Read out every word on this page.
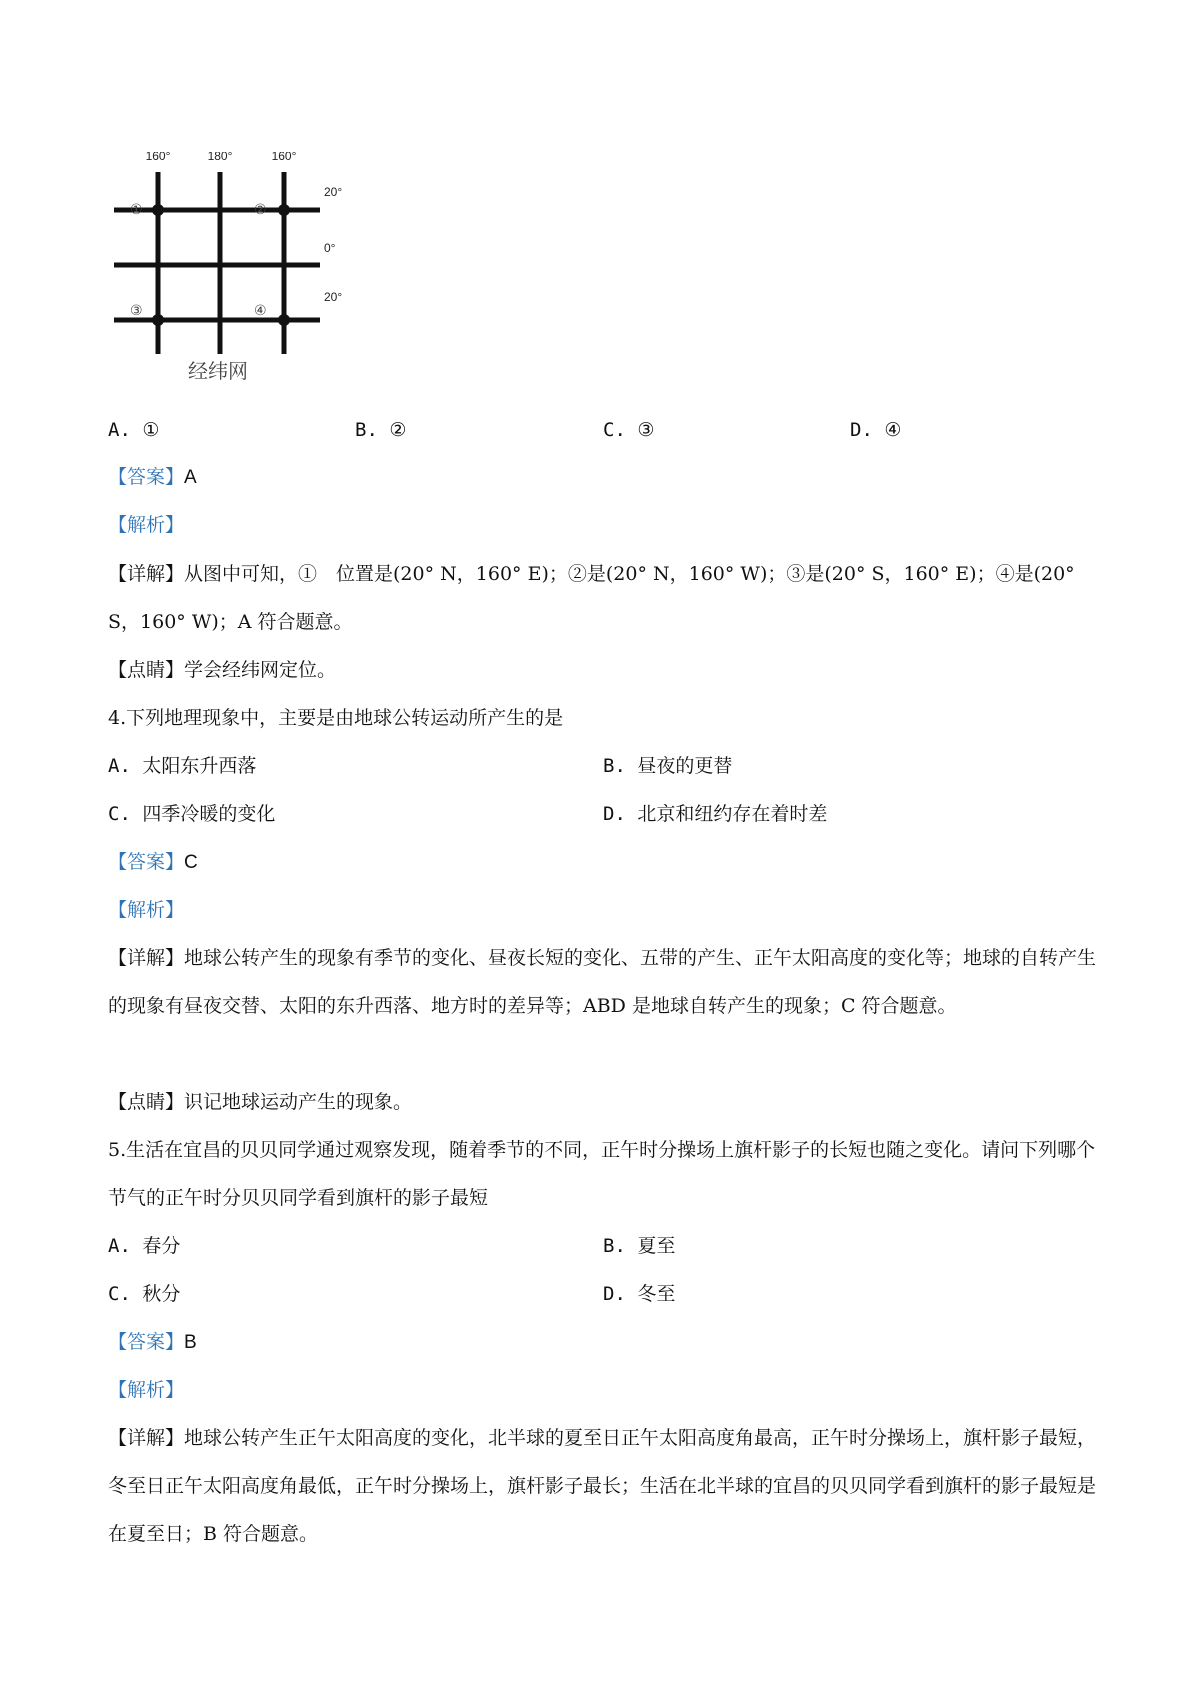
160°	180°	160°
20°
0°
20°
①	②
③	④
经纬网
A. ①	B. ②	C. ③	D. ④
【答案】A
【解析】
【详解】从图中可知，①　位置是(20° N，160° E)；②是(20° N，160° W)；③是(20° S，160° E)；④是(20° S，160° W)；A 符合题意。
【点睛】学会经纬网定位。
4.下列地理现象中，主要是由地球公转运动所产生的是
A. 太阳东升西落	B. 昼夜的更替
C. 四季冷暖的变化	D. 北京和纽约存在着时差
【答案】C
【解析】
【详解】地球公转产生的现象有季节的变化、昼夜长短的变化、五带的产生、正午太阳高度的变化等；地球的自转产生的现象有昼夜交替、太阳的东升西落、地方时的差异等；ABD 是地球自转产生的现象；C 符合题意。
【点睛】识记地球运动产生的现象。
5.生活在宜昌的贝贝同学通过观察发现，随着季节的不同，正午时分操场上旗杆影子的长短也随之变化。请问下列哪个节气的正午时分贝贝同学看到旗杆的影子最短
A. 春分	B. 夏至
C. 秋分	D. 冬至
【答案】B
【解析】
【详解】地球公转产生正午太阳高度的变化，北半球的夏至日正午太阳高度角最高，正午时分操场上，旗杆影子最短，冬至日正午太阳高度角最低，正午时分操场上，旗杆影子最长；生活在北半球的宜昌的贝贝同学看到旗杆的影子最短是在夏至日；B 符合题意。
